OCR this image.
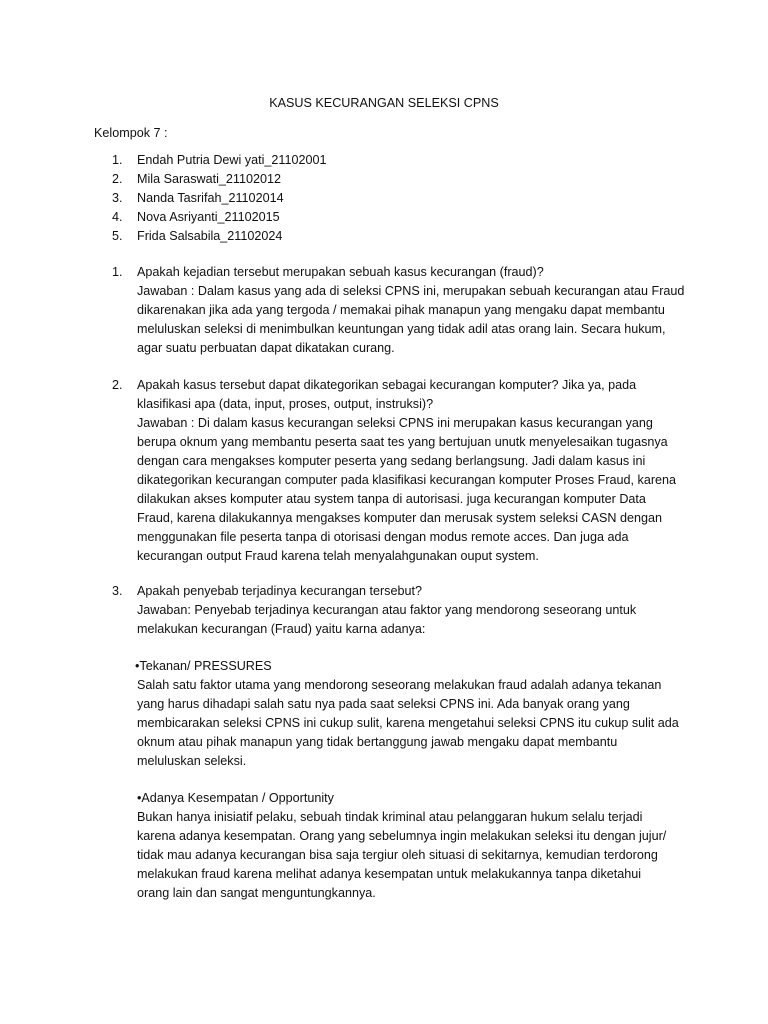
KASUS KECURANGAN SELEKSI CPNS
Kelompok 7 :
1. Endah Putria Dewi yati_21102001
2. Mila Saraswati_21102012
3. Nanda Tasrifah_21102014
4. Nova Asriyanti_21102015
5. Frida Salsabila_21102024
1. Apakah kejadian tersebut merupakan sebuah kasus kecurangan (fraud)?
Jawaban : Dalam kasus yang ada di seleksi CPNS ini, merupakan sebuah kecurangan atau Fraud
dikarenakan jika ada yang tergoda / memakai pihak manapun yang mengaku dapat membantu
meluluskan seleksi di menimbulkan keuntungan yang tidak adil atas orang lain. Secara hukum,
agar suatu perbuatan dapat dikatakan curang.
2. Apakah kasus tersebut dapat dikategorikan sebagai kecurangan komputer? Jika ya, pada
klasifikasi apa (data, input, proses, output, instruksi)?
Jawaban : Di dalam kasus kecurangan seleksi CPNS ini merupakan kasus kecurangan yang
berupa oknum yang membantu peserta saat tes yang bertujuan unutk menyelesaikan tugasnya
dengan cara mengakses komputer peserta yang sedang berlangsung. Jadi dalam kasus ini
dikategorikan kecurangan computer pada klasifikasi kecurangan komputer Proses Fraud, karena
dilakukan akses komputer atau system tanpa di autorisasi. juga kecurangan komputer Data
Fraud, karena dilakukannya mengakses komputer dan merusak system seleksi CASN dengan
menggunakan file peserta tanpa di otorisasi dengan modus remote acces. Dan juga ada
kecurangan output Fraud karena telah menyalahgunakan ouput system.
3. Apakah penyebab terjadinya kecurangan tersebut?
Jawaban: Penyebab terjadinya kecurangan atau faktor yang mendorong seseorang untuk
melakukan kecurangan (Fraud) yaitu karna adanya:
•Tekanan/ PRESSURES
Salah satu faktor utama yang mendorong seseorang melakukan fraud adalah adanya tekanan
yang harus dihadapi salah satu nya pada saat seleksi CPNS ini. Ada banyak orang yang
membicarakan seleksi CPNS ini cukup sulit, karena mengetahui seleksi CPNS itu cukup sulit ada
oknum atau pihak manapun yang tidak bertanggung jawab mengaku dapat membantu
meluluskan seleksi.
•Adanya Kesempatan / Opportunity
Bukan hanya inisiatif pelaku, sebuah tindak kriminal atau pelanggaran hukum selalu terjadi
karena adanya kesempatan. Orang yang sebelumnya ingin melakukan seleksi itu dengan jujur/
tidak mau adanya kecurangan bisa saja tergiur oleh situasi di sekitarnya, kemudian terdorong
melakukan fraud karena melihat adanya kesempatan untuk melakukannya tanpa diketahui
orang lain dan sangat menguntungkannya.
